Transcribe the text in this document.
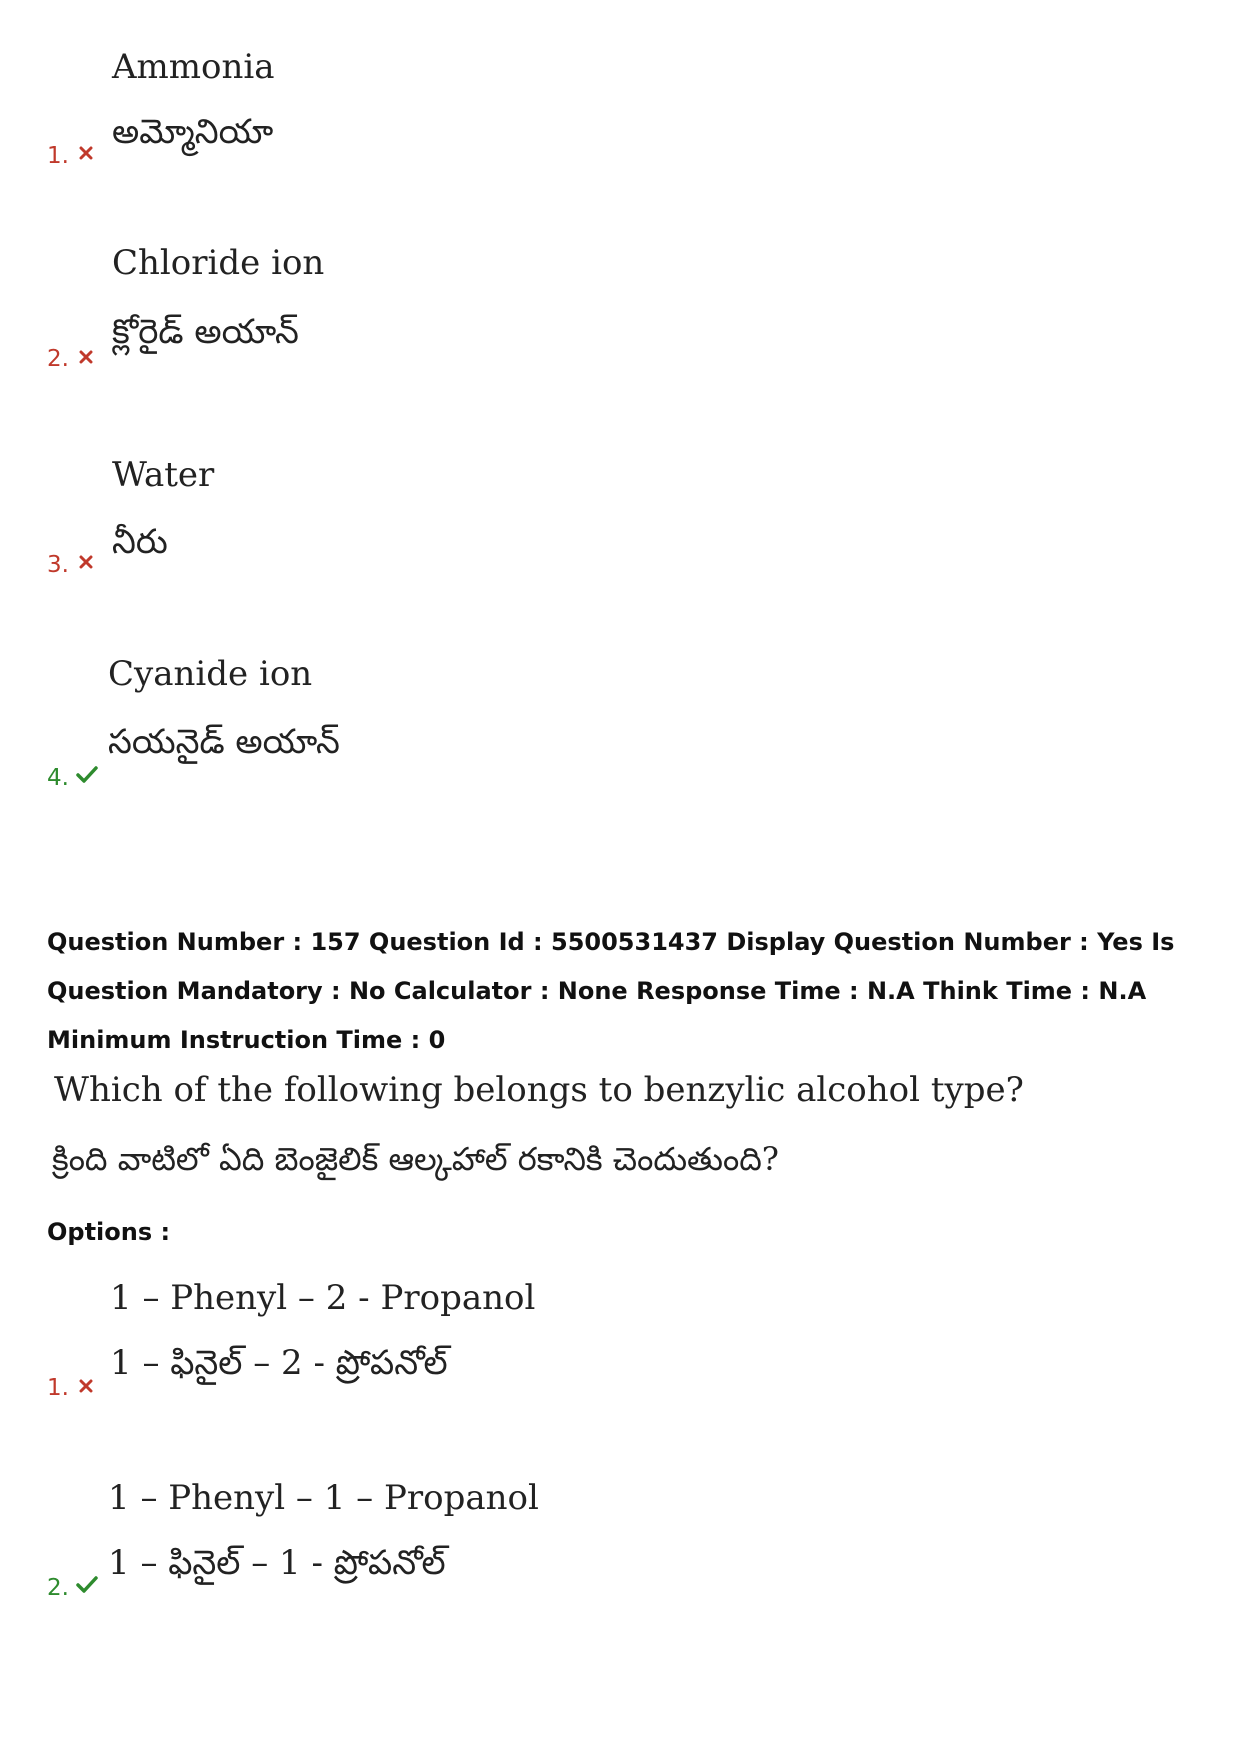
Ammonia
అమ్మోనియా
1.
Chloride ion
క్లోరైడ్ అయాన్
2.
Water
నీరు
3.
Cyanide ion
సయనైడ్ అయాన్
4.

Question Number : 157 Question Id : 5500531437 Display Question Number : Yes Is Question Mandatory : No Calculator : None Response Time : N.A Think Time : N.A Minimum Instruction Time : 0

Which of the following belongs to benzylic alcohol type?
క్రింది వాటిలో ఏది బెంజైలిక్ ఆల్కహాల్ రకానికి చెందుతుంది?
Options :
1 – Phenyl – 2 - Propanol
1 – ఫినైల్ – 2 - ప్రోపనోల్
1.
1 – Phenyl – 1 – Propanol
1 – ఫినైల్ – 1 - ప్రోపనోల్
2.
